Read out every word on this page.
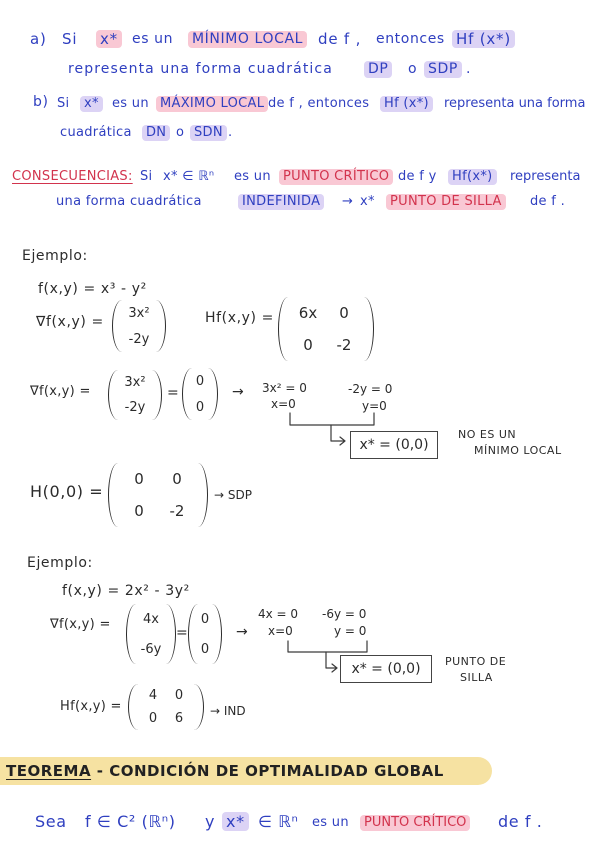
a) Si x* es un MÍNIMO LOCAL de f , entonces Hf (x*)
representa una forma cuadrática	DP o SDP .
b) Si	x*	es un MÁXIMO LOCAL de f , entonces	Hf (x*)	representa una forma
cuadrática	DN o SDN .
CONSECUENCIAS: Si x* ∈ ℝⁿ es un PUNTO CRÍTICO de f y	Hf(x*)	representa
una forma cuadrática	INDEFINIDA	→ x*	PUNTO DE SILLA	de f .
Ejemplo:
f(x,y) = x³ - y²
∇f(x,y) =
3x²
-2y
Hf(x,y) = 6x 0
0 -2
∇f(x,y) =
3x²
-2y
=
0
0
→ 3x² = 0
x=0
-2y = 0
y=0
x* = (0,0)
NO ES UN
MÍNIMO LOCAL
H(0,0) =
0 0
0 -2
→ SDP
Ejemplo:
f(x,y) = 2x² - 3y²
∇f(x,y) = 4x
-6y
=
0
0
→
4x = 0
x=0
-6y = 0
y = 0
x* = (0,0) PUNTO DE
SILLA
Hf(x,y) =
4 0
0 6 → IND
TEOREMA - CONDICIÓN DE OPTIMALIDAD GLOBAL
Sea f ∈ C² (ℝⁿ) y x* ∈ ℝⁿ es un	PUNTO CRÍTICO de f .
